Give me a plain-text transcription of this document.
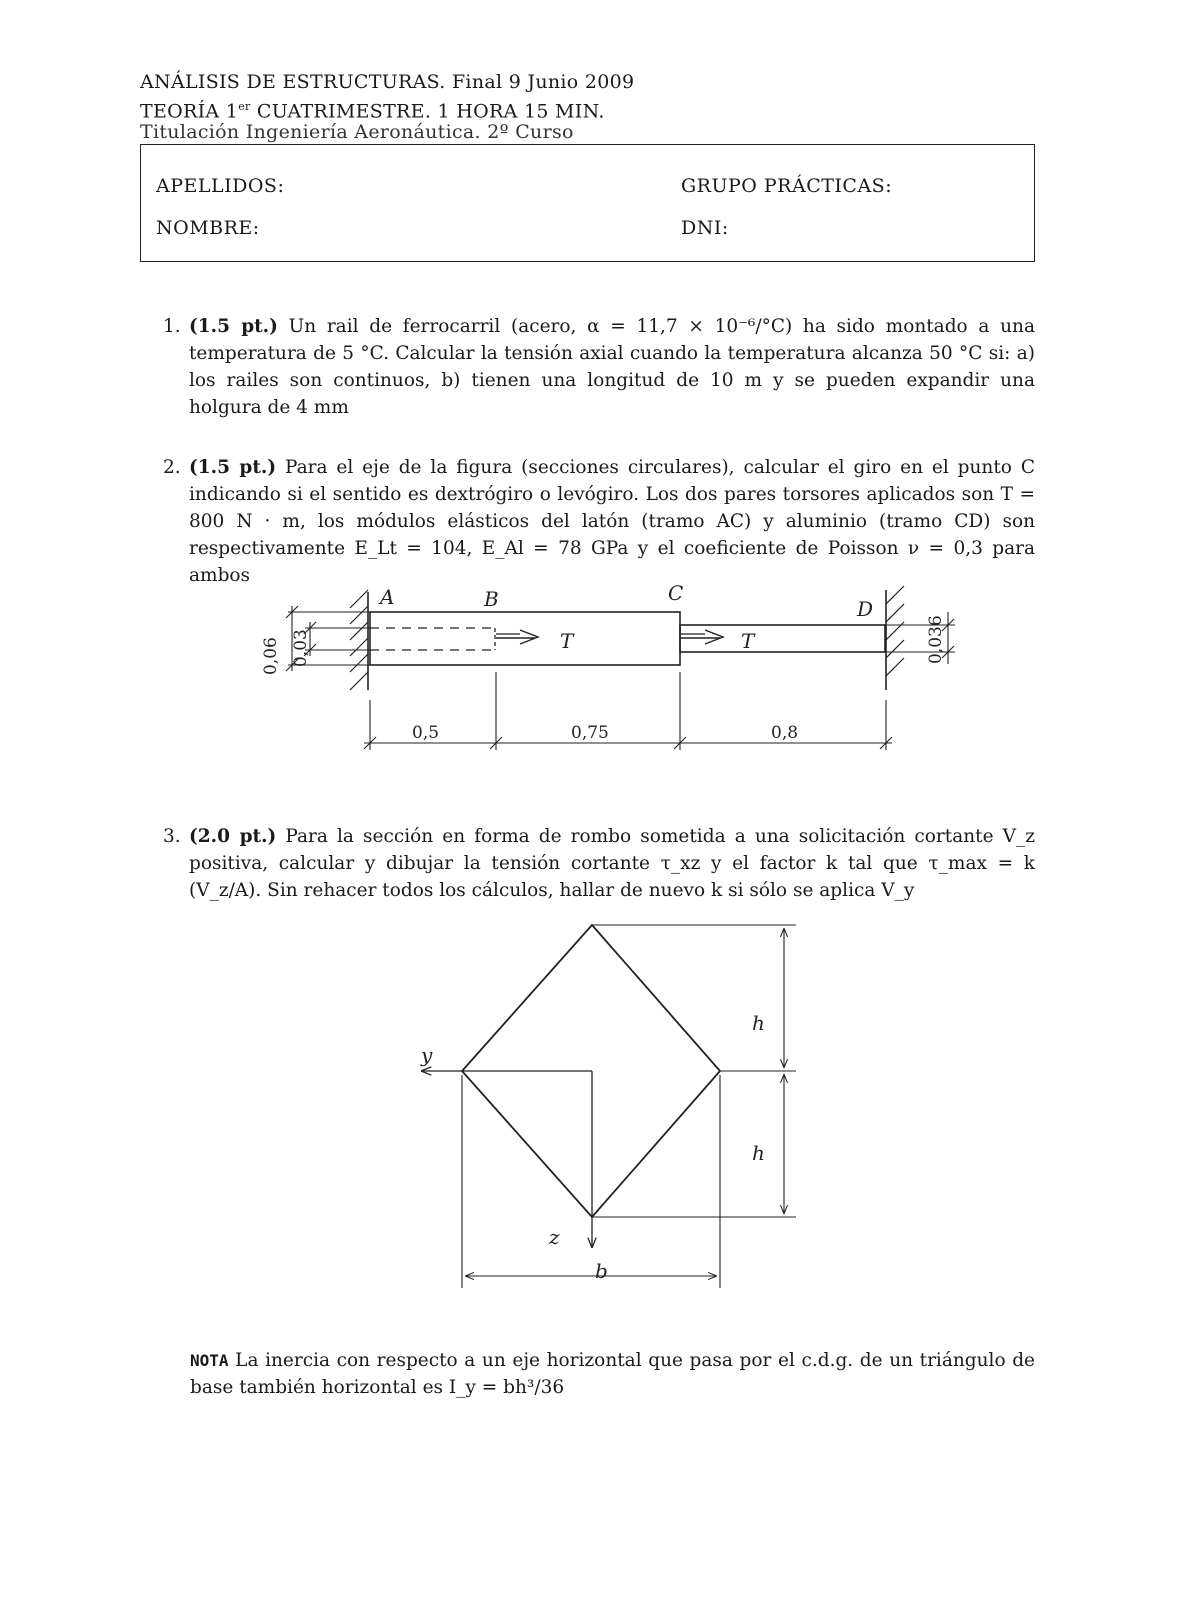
ANÁLISIS DE ESTRUCTURAS. Final 9 Junio 2009
TEORÍA 1er CUATRIMESTRE. 1 HORA 15 MIN.
Titulación Ingeniería Aeronáutica. 2º Curso
APELLIDOS:
NOMBRE:
GRUPO PRÁCTICAS:
DNI:
1. (1.5 pt.) Un rail de ferrocarril (acero, α = 11,7 × 10⁻⁶/°C) ha sido montado a una temperatura de 5 °C. Calcular la tensión axial cuando la temperatura alcanza 50 °C si: a) los railes son continuos, b) tienen una longitud de 10 m y se pueden expandir una holgura de 4 mm
2. (1.5 pt.) Para el eje de la figura (secciones circulares), calcular el giro en el punto C indicando si el sentido es dextrógiro o levógiro. Los dos pares torsores aplicados son T = 800 N · m, los módulos elásticos del latón (tramo AC) y aluminio (tramo CD) son respectivamente E_Lt = 104, E_Al = 78 GPa y el coeficiente de Poisson ν = 0,3 para ambos
3. (2.0 pt.) Para la sección en forma de rombo sometida a una solicitación cortante V_z positiva, calcular y dibujar la tensión cortante τ_xz y el factor k tal que τ_max = k (V_z/A). Sin rehacer todos los cálculos, hallar de nuevo k si sólo se aplica V_y
A	B	C
D
T	T
0,06 0,03	0,036
0,5	0,75	0,8
h
h
b
y
z
NOTA La inercia con respecto a un eje horizontal que pasa por el c.d.g. de un triángulo de base también horizontal es I_y = bh³/36
